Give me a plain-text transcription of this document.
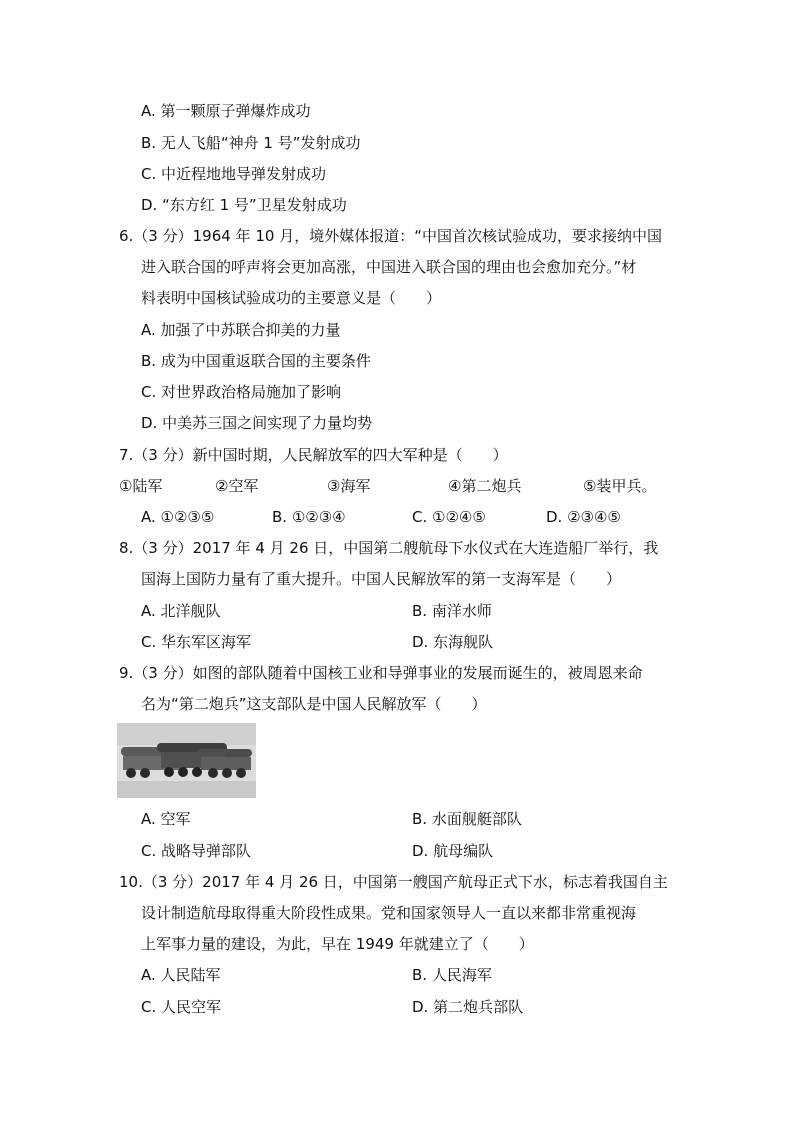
A. 第一颗原子弹爆炸成功
B. 无人飞船“神舟 1 号”发射成功
C. 中近程地地导弹发射成功
D. “东方红 1 号”卫星发射成功
6.（3 分）1964 年 10 月，境外媒体报道：“中国首次核试验成功，要求接纳中国
进入联合国的呼声将会更加高涨，中国进入联合国的理由也会愈加充分。”材
料表明中国核试验成功的主要意义是（　　）
A. 加强了中苏联合抑美的力量
B. 成为中国重返联合国的主要条件
C. 对世界政治格局施加了影响
D. 中美苏三国之间实现了力量均势
7.（3 分）新中国时期，人民解放军的四大军种是（　　）
①陆军	②空军	③海军	④第二炮兵	⑤装甲兵。
A. ①②③⑤	B. ①②③④	C. ①②④⑤	D. ②③④⑤
8.（3 分）2017 年 4 月 26 日，中国第二艘航母下水仪式在大连造船厂举行，我
国海上国防力量有了重大提升。中国人民解放军的第一支海军是（　　）
A. 北洋舰队	B. 南洋水师
C. 华东军区海军	D. 东海舰队
9.（3 分）如图的部队随着中国核工业和导弹事业的发展而诞生的，被周恩来命
名为“第二炮兵”这支部队是中国人民解放军（　　）
A. 空军	B. 水面舰艇部队
C. 战略导弹部队	D. 航母编队
10.（3 分）2017 年 4 月 26 日，中国第一艘国产航母正式下水，标志着我国自主
设计制造航母取得重大阶段性成果。党和国家领导人一直以来都非常重视海
上军事力量的建设，为此，早在 1949 年就建立了（　　）
A. 人民陆军	B. 人民海军
C. 人民空军	D. 第二炮兵部队
